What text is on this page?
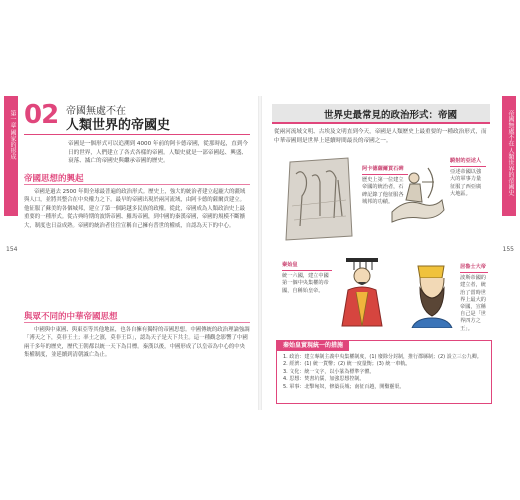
第一章 國家的形成
154
02 帝國無處不在
人類世界的帝國史
帝國是一個形式可以追溯到 4000 年前的阿卡德帝國，從那時起，直到今日的世界，人們建立了各式各樣的帝國。人類史就是一部帝國起、興盛、衰落、滅亡的帝國史與繼承帝國的歷史。
帝國思想的興起
帝國是過去 2500 年間全球最普遍的政治形式。歷史上，強大的統治者建立起龐大的疆域與人口，並將其整合在中央權力之下。最早的帝國出現於兩河流域，由阿卡德的薩爾貢建立。他征服了蘇美的各個城邦，建立了第一個跨越多民族的政權。從此，帝國成為人類政治史上最重要的一種形式。從古典時期的波斯帝國、羅馬帝國，到中國的秦漢帝國，帝國的規模不斷擴大，制度也日益成熟。帝國的統治者往往宣稱自己擁有普世的權威，自認為天下的中心。
與眾不同的中華帝國思想
中國與中東國、與東亞等其他地區，也各自擁有獨特的帝國思想。中國傳統的政治理論強調「溥天之下，莫非王土；率土之濱，莫非王臣」，認為天子是天下共主。這一種觀念影響了中國兩千多年的歷史，歷代王朝都以統一天下為目標。秦漢以後，中國形成了以皇帝為中心的中央集權制度，並延續到清朝滅亡為止。
帝國無處不在 人類世界的帝國史
155
世界史最常見的政治形式：帝國
從兩河流域文明、古埃及文明直到今天，帝國是人類歷史上最重要的一種政治形式，而中華帝國則是世界上延續時間最長的帝國之一。
阿卡德薩爾貢石碑
歷史上第一位建立帝國的統治者，石碑記錄了他征服各城邦的功績。
騎射的亞述人
亞述帝國以強大的軍事力量征服了西亞廣大地區。
秦始皇
統一六國，建立中國第一個中央集權的帝國，自稱始皇帝。
居魯士大帝
波斯帝國的建立者，統治了當時世界上最大的帝國，宣稱自己是「世界四方之王」。
秦始皇實現統一的措施
1. 政治：建立專制主義中央集權制度，(1) 廢除分封制，推行郡縣制；(2) 設立三公九卿。
2. 經濟：(1) 統一貨幣；(2) 統一度量衡；(3) 統一車軌。
3. 文化：統一文字，以小篆為標準字體。
4. 思想：焚書坑儒，加強思想控制。
5. 軍事：北擊匈奴，修築長城；南征百越，開鑿靈渠。
